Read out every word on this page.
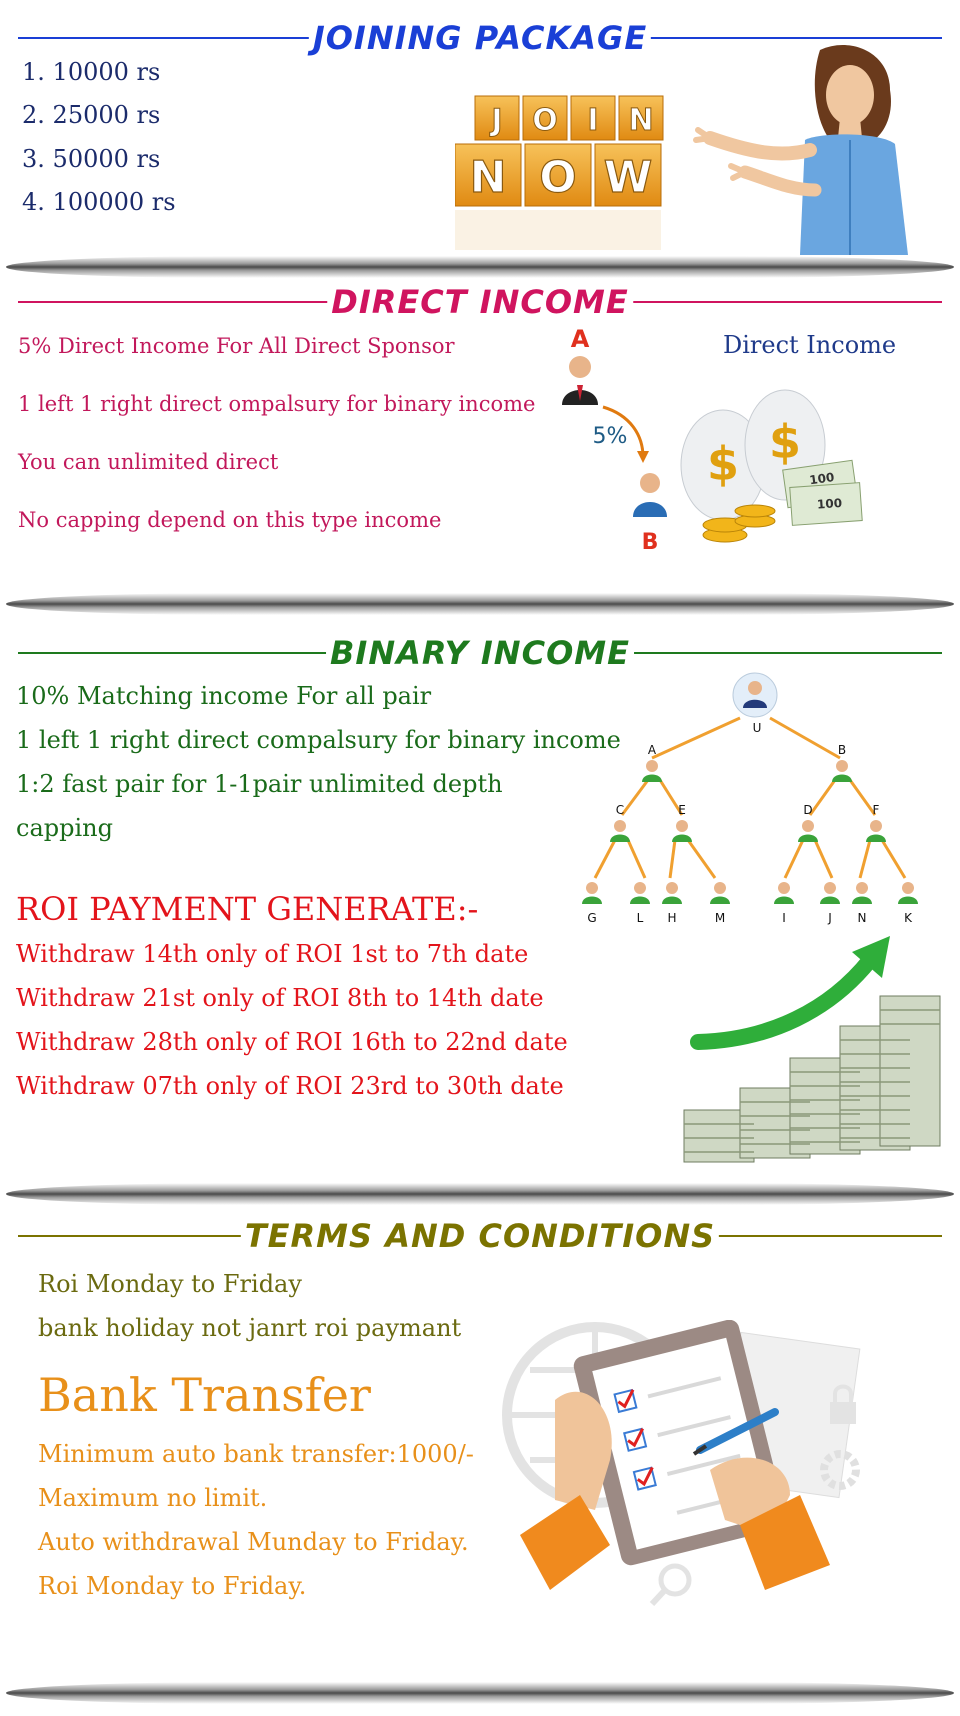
JOINING PACKAGE
1. 10000 rs
2. 25000 rs
3. 50000 rs
4. 100000 rs
J O I N
N O W
DIRECT INCOME
5% Direct Income For All Direct Sponsor
1 left 1 right direct ompalsury for binary income
You can unlimited direct
No capping depend on this type income
A
5%
B
Direct Income
$ $
100
100
BINARY INCOME
10% Matching income For all pair
1 left 1 right direct compalsury for binary income
1:2 fast pair for 1-1pair unlimited depth
capping
U
A	B
C	E	D	F
G	L H	M	I	J N	K
ROI PAYMENT GENERATE:-
Withdraw 14th only of ROI 1st to 7th date
Withdraw 21st only of ROI 8th to 14th date
Withdraw 28th only of ROI 16th to 22nd date
Withdraw 07th only of ROI 23rd to 30th date
TERMS AND CONDITIONS
Roi Monday to Friday
bank holiday not janrt roi paymant
Bank Transfer
Minimum auto bank transfer:1000/-
Maximum no limit.
Auto withdrawal Munday to Friday.
Roi Monday to Friday.
1
